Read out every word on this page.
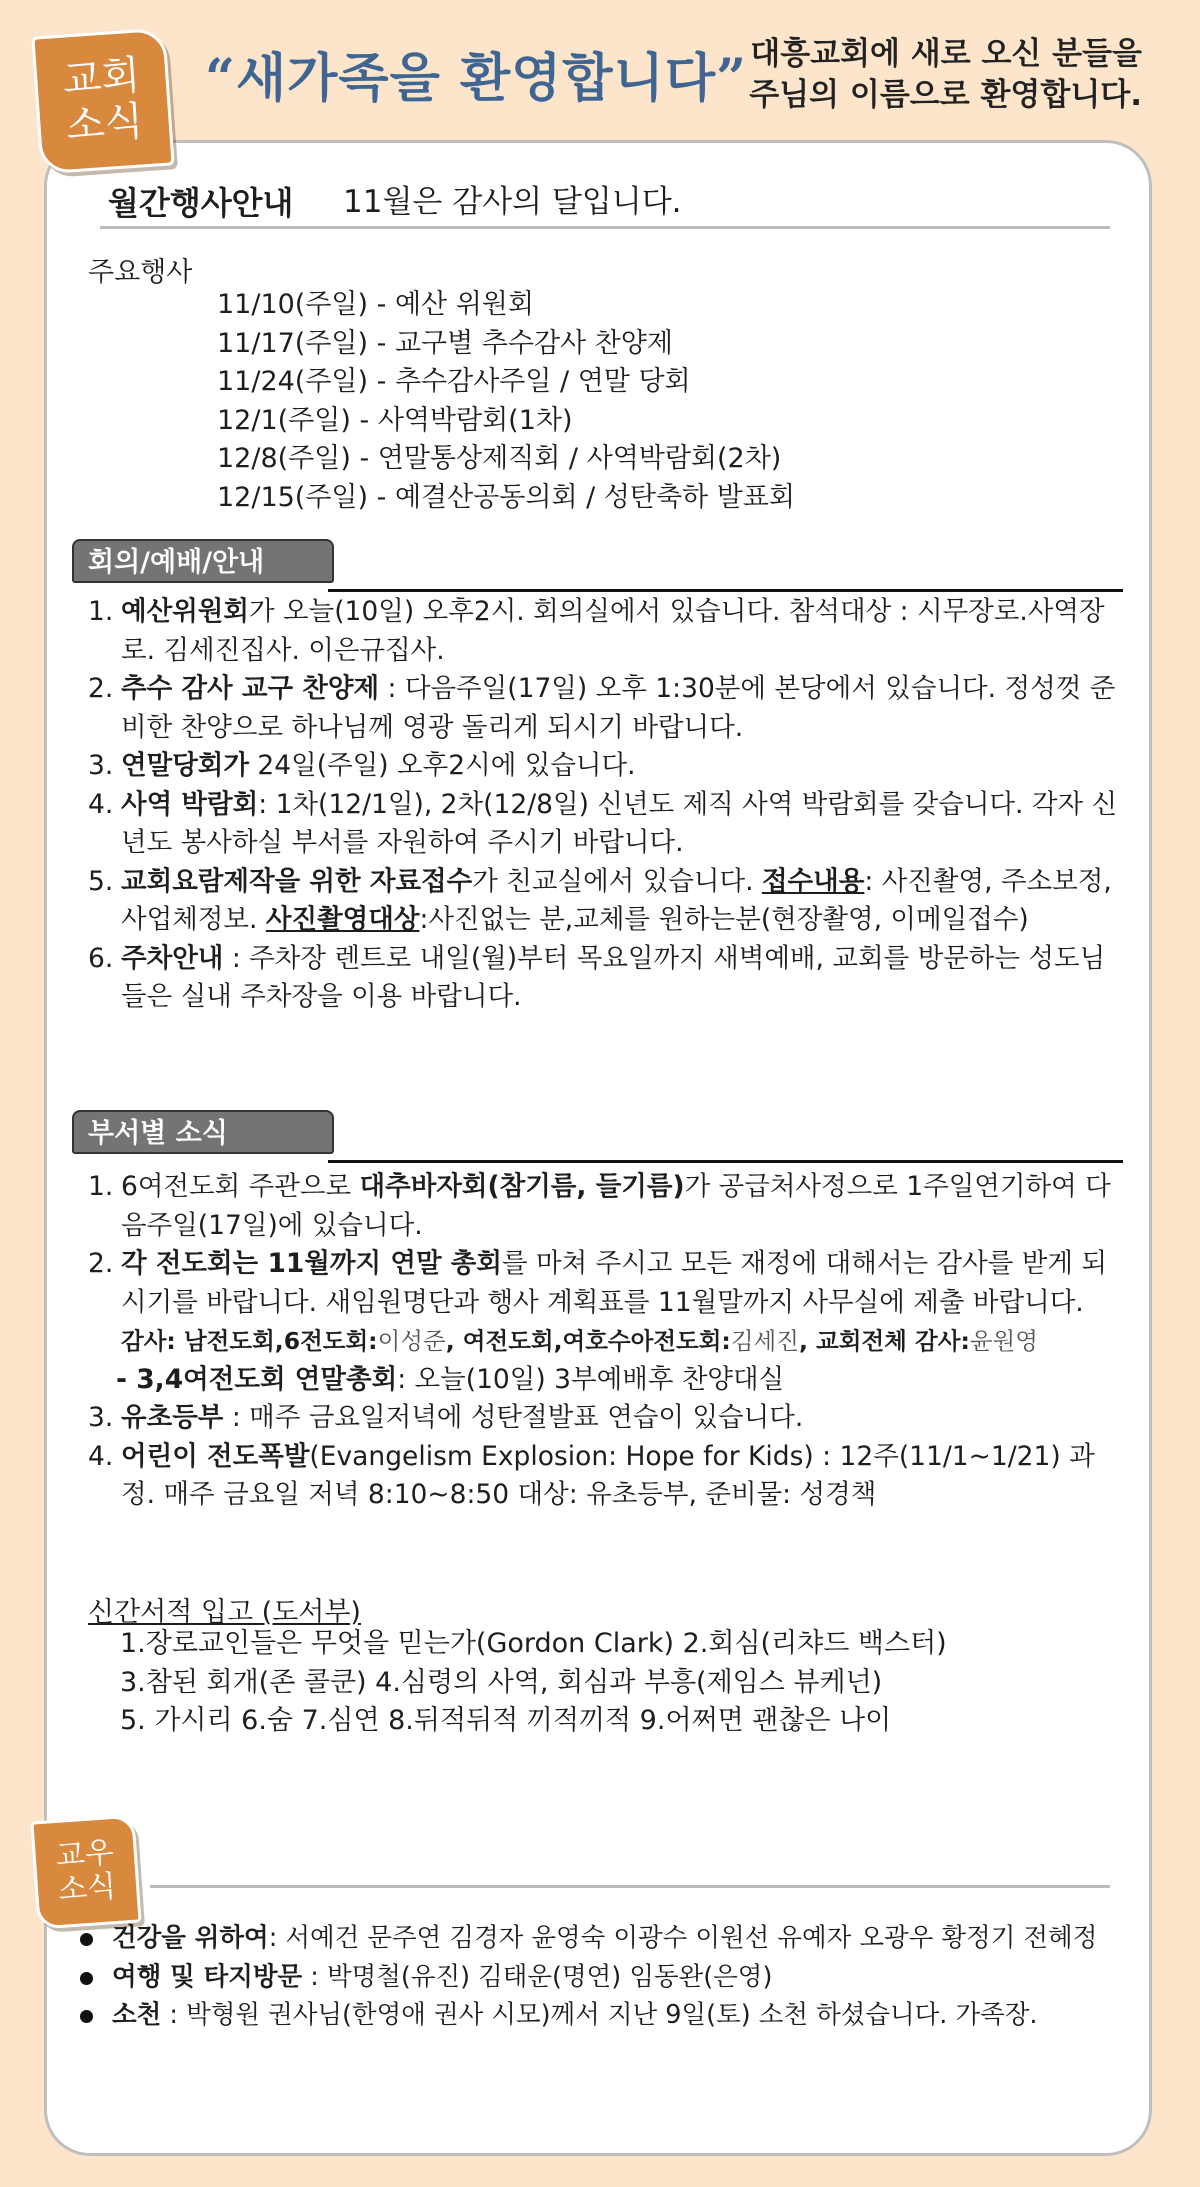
교회
소식
“새가족을 환영합니다” 대흥교회에 새로 오신 분들을
주님의 이름으로 환영합니다.
월간행사안내 11월은 감사의 달입니다.
주요행사
11/10(주일) - 예산 위원회
11/17(주일) - 교구별 추수감사 찬양제
11/24(주일) - 추수감사주일 / 연말 당회
12/1(주일) - 사역박람회(1차)
12/8(주일) - 연말통상제직회 / 사역박람회(2차)
12/15(주일) - 예결산공동의회 / 성탄축하 발표회
회의/예배/안내
1. 예산위원회가 오늘(10일) 오후2시. 회의실에서 있습니다. 참석대상 : 시무장로.사역장로. 김세진집사. 이은규집사.
2. 추수 감사 교구 찬양제 : 다음주일(17일) 오후 1:30분에 본당에서 있습니다. 정성껏 준비한 찬양으로 하나님께 영광 돌리게 되시기 바랍니다.
3. 연말당회가 24일(주일) 오후2시에 있습니다.
4. 사역 박람회: 1차(12/1일), 2차(12/8일) 신년도 제직 사역 박람회를 갖습니다. 각자 신년도 봉사하실 부서를 자원하여 주시기 바랍니다.
5. 교회요람제작을 위한 자료접수가 친교실에서 있습니다. 접수내용: 사진촬영, 주소보정, 사업체정보. 사진촬영대상:사진없는 분,교체를 원하는분(현장촬영, 이메일접수)
6. 주차안내 : 주차장 렌트로 내일(월)부터 목요일까지 새벽예배, 교회를 방문하는 성도님들은 실내 주차장을 이용 바랍니다.
부서별 소식
1. 6여전도회 주관으로 대추바자회(참기름, 들기름)가 공급처사정으로 1주일연기하여 다음주일(17일)에 있습니다.
2. 각 전도회는 11월까지 연말 총회를 마쳐 주시고 모든 재정에 대해서는 감사를 받게 되시기를 바랍니다. 새임원명단과 행사 계획표를 11월말까지 사무실에 제출 바랍니다.
감사: 남전도회,6전도회:이성준, 여전도회,여호수아전도회:김세진, 교회전체 감사:윤원영
- 3,4여전도회 연말총회: 오늘(10일) 3부예배후 찬양대실
3. 유초등부 : 매주 금요일저녁에 성탄절발표 연습이 있습니다.
4. 어린이 전도폭발(Evangelism Explosion: Hope for Kids) : 12주(11/1~1/21) 과정. 매주 금요일 저녁 8:10~8:50 대상: 유초등부, 준비물: 성경책
신간서적 입고 (도서부)
1.장로교인들은 무엇을 믿는가(Gordon Clark) 2.회심(리챠드 백스터)
3.참된 회개(존 콜쿤) 4.심령의 사역, 회심과 부흥(제임스 뷰케넌)
5. 가시리 6.숨 7.심연 8.뒤적뒤적 끼적끼적 9.어쩌면 괜찮은 나이
교우
소식
건강을 위하여: 서예건 문주연 김경자 윤영숙 이광수 이원선 유예자 오광우 황정기 전혜정
여행 및 타지방문 : 박명철(유진) 김태운(명연) 임동완(은영)
소천 : 박형원 권사님(한영애 권사 시모)께서 지난 9일(토) 소천 하셨습니다. 가족장.
